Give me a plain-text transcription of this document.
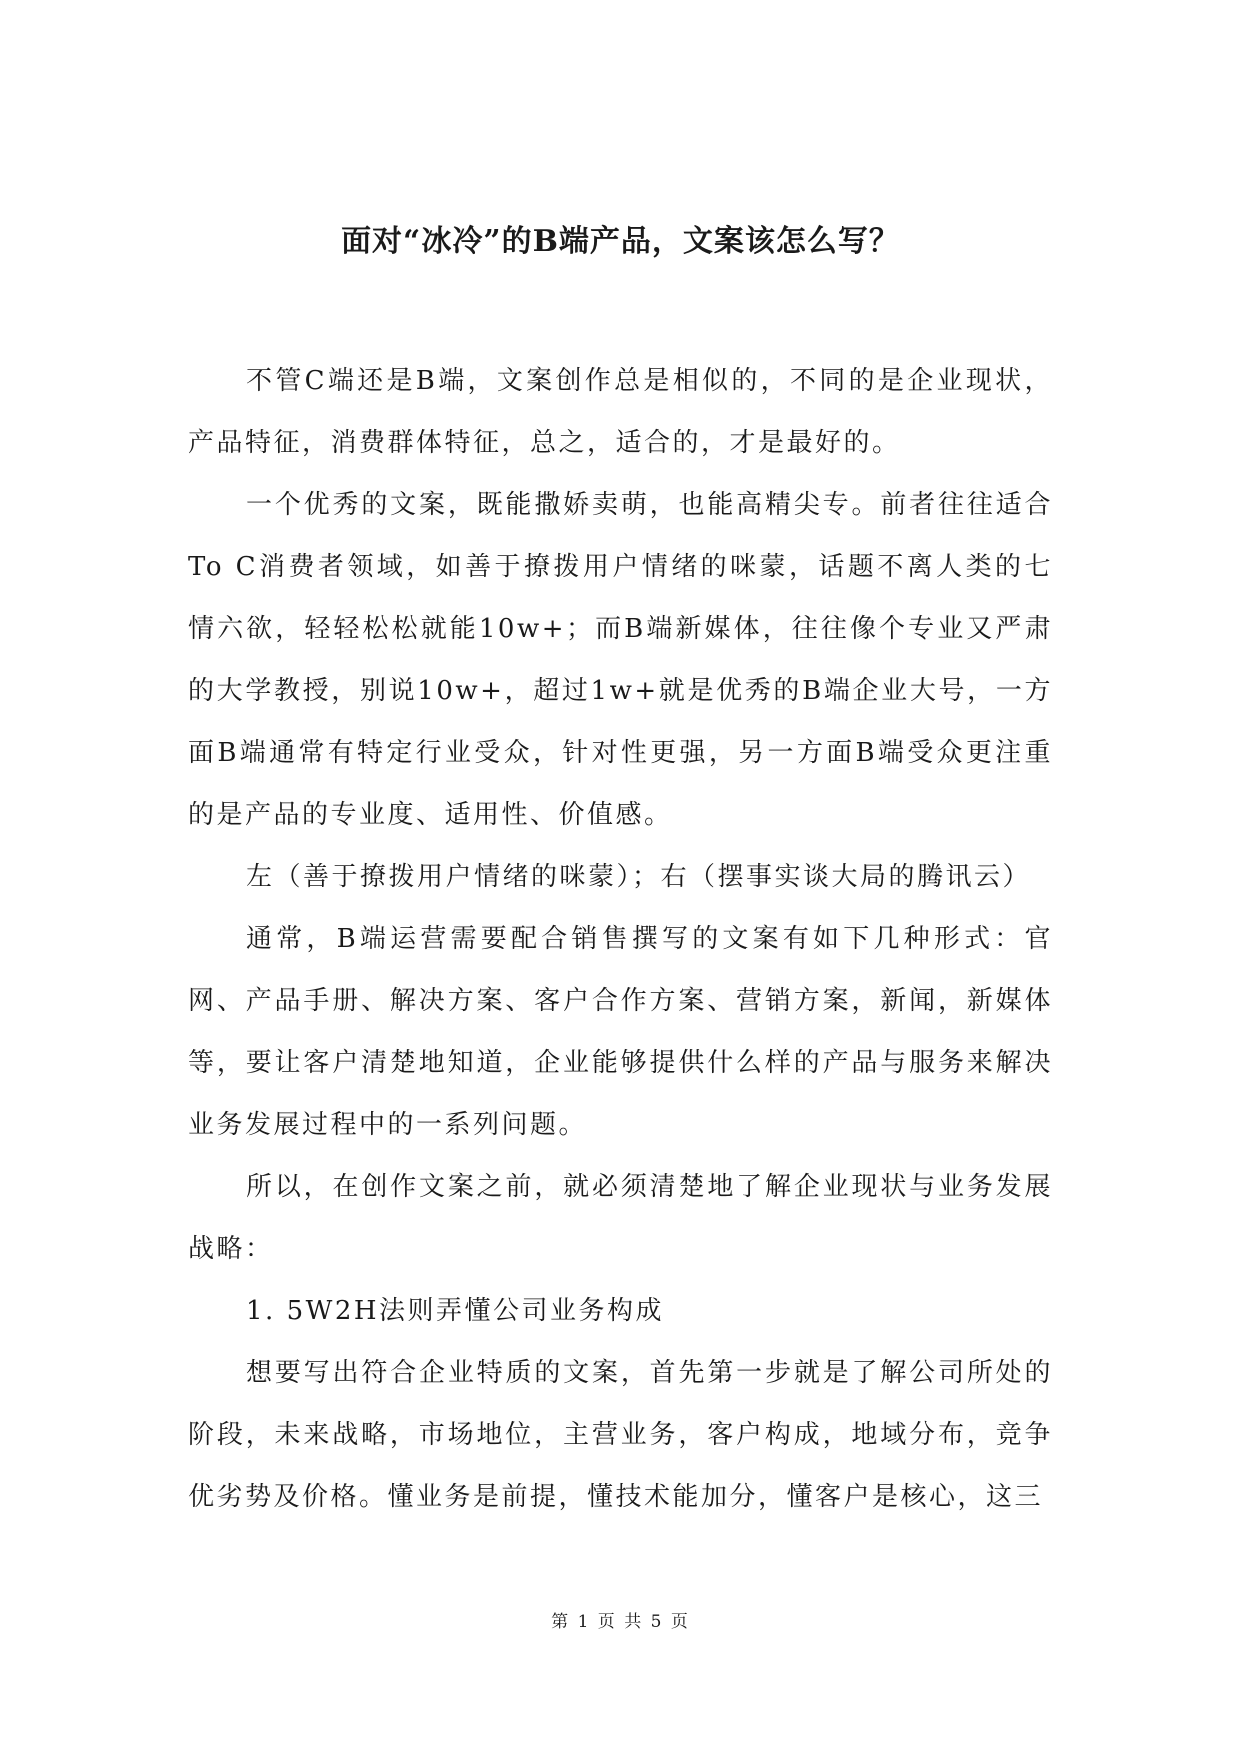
面对“冰冷”的B端产品，文案该怎么写？

不管C端还是B端，文案创作总是相似的，不同的是企业现状，产品特征，消费群体特征，总之，适合的，才是最好的。

一个优秀的文案，既能撒娇卖萌，也能高精尖专。前者往往适合To C消费者领域，如善于撩拨用户情绪的咪蒙，话题不离人类的七情六欲，轻轻松松就能10w+；而B端新媒体，往往像个专业又严肃的大学教授，别说10w+，超过1w+就是优秀的B端企业大号，一方面B端通常有特定行业受众，针对性更强，另一方面B端受众更注重的是产品的专业度、适用性、价值感。

左（善于撩拨用户情绪的咪蒙）；右（摆事实谈大局的腾讯云）

通常，B端运营需要配合销售撰写的文案有如下几种形式：官网、产品手册、解决方案、客户合作方案、营销方案，新闻，新媒体等，要让客户清楚地知道，企业能够提供什么样的产品与服务来解决业务发展过程中的一系列问题。

所以，在创作文案之前，就必须清楚地了解企业现状与业务发展战略：

1. 5W2H法则弄懂公司业务构成

想要写出符合企业特质的文案，首先第一步就是了解公司所处的阶段，未来战略，市场地位，主营业务，客户构成，地域分布，竞争优劣势及价格。懂业务是前提，懂技术能加分，懂客户是核心，这三

第 1 页 共 5 页
